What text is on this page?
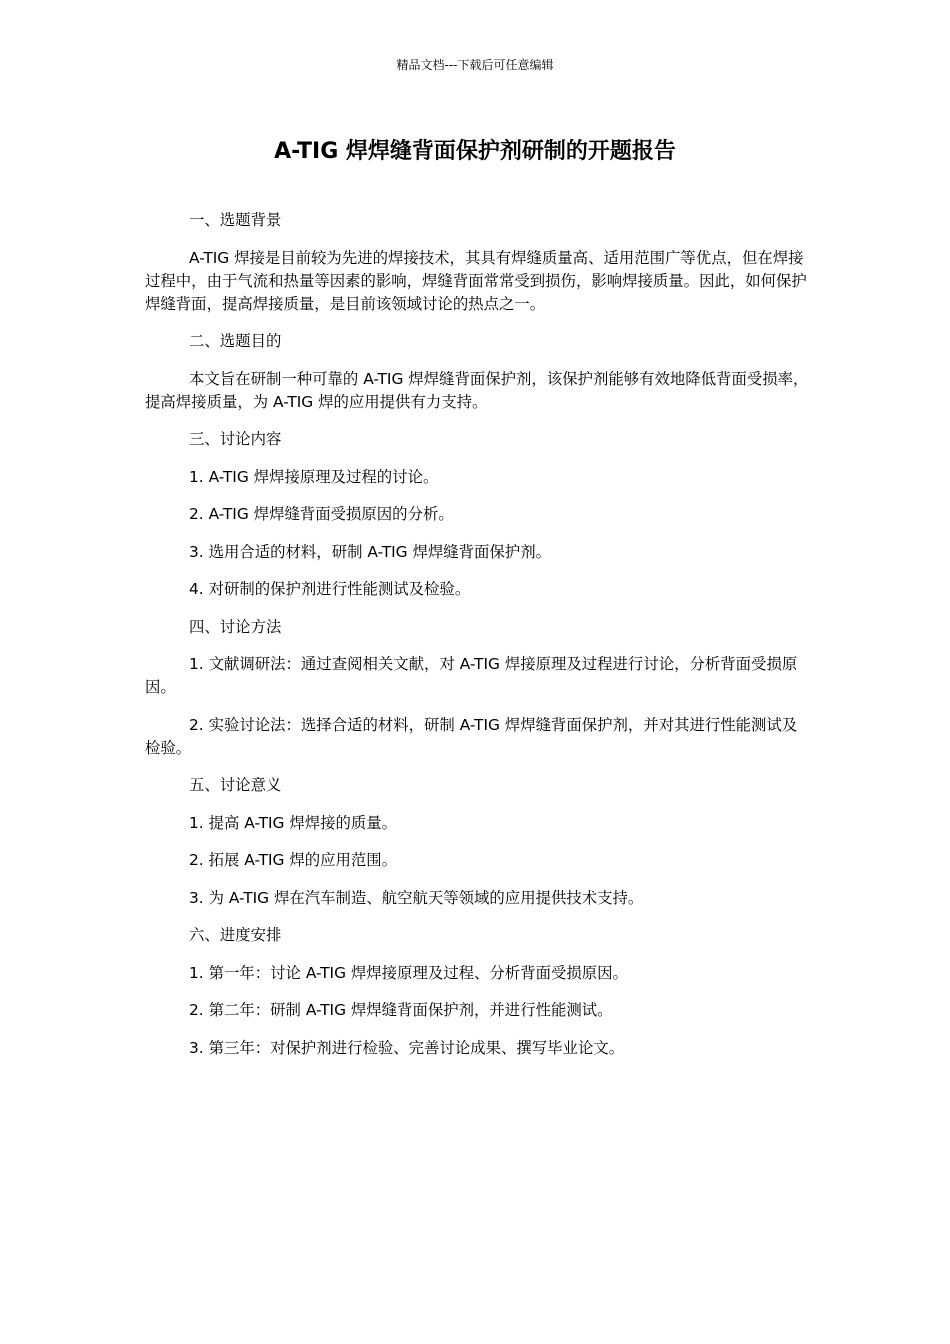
精品文档---下载后可任意编辑
A-TIG 焊焊缝背面保护剂研制的开题报告

一、选题背景

A-TIG 焊接是目前较为先进的焊接技术，其具有焊缝质量高、适用范围广等优点，但在焊接过程中，由于气流和热量等因素的影响，焊缝背面常常受到损伤，影响焊接质量。因此，如何保护焊缝背面，提高焊接质量，是目前该领域讨论的热点之一。

二、选题目的

本文旨在研制一种可靠的 A-TIG 焊焊缝背面保护剂，该保护剂能够有效地降低背面受损率，提高焊接质量，为 A-TIG 焊的应用提供有力支持。

三、讨论内容

1. A-TIG 焊焊接原理及过程的讨论。

2. A-TIG 焊焊缝背面受损原因的分析。

3. 选用合适的材料，研制 A-TIG 焊焊缝背面保护剂。

4. 对研制的保护剂进行性能测试及检验。

四、讨论方法

1. 文献调研法：通过查阅相关文献，对 A-TIG 焊接原理及过程进行讨论，分析背面受损原因。

2. 实验讨论法：选择合适的材料，研制 A-TIG 焊焊缝背面保护剂，并对其进行性能测试及检验。

五、讨论意义

1. 提高 A-TIG 焊焊接的质量。

2. 拓展 A-TIG 焊的应用范围。

3. 为 A-TIG 焊在汽车制造、航空航天等领域的应用提供技术支持。

六、进度安排

1. 第一年：讨论 A-TIG 焊焊接原理及过程、分析背面受损原因。

2. 第二年：研制 A-TIG 焊焊缝背面保护剂，并进行性能测试。

3. 第三年：对保护剂进行检验、完善讨论成果、撰写毕业论文。
